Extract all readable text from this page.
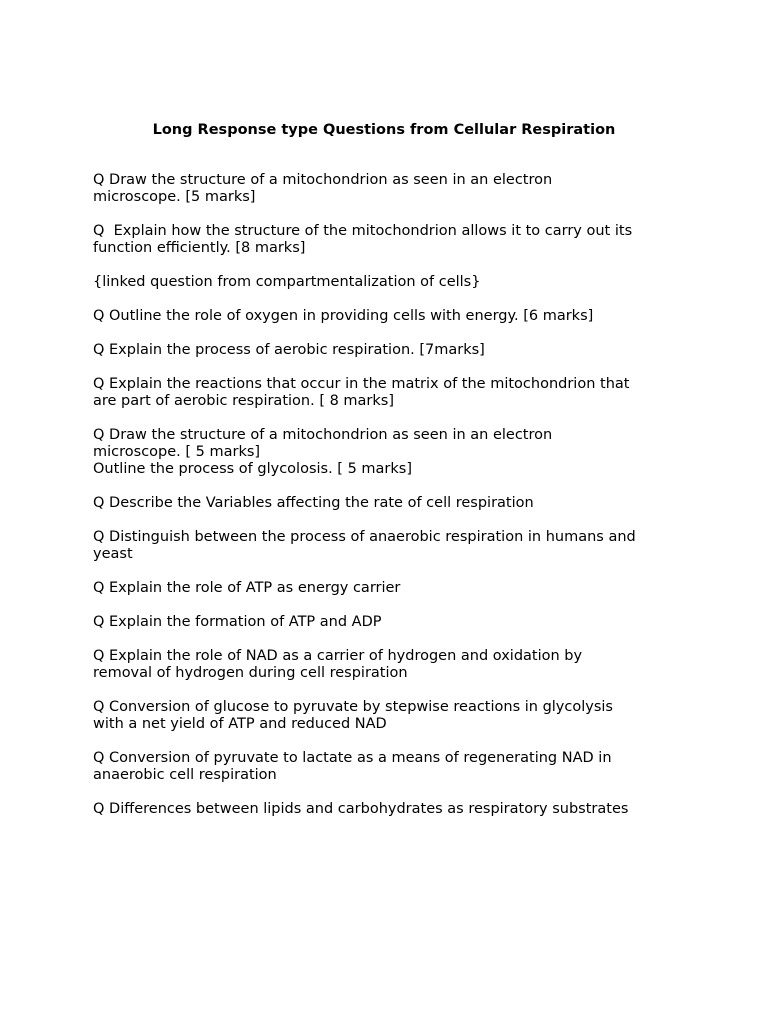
Long Response type Questions from Cellular Respiration

Q Draw the structure of a mitochondrion as seen in an electron
microscope. [5 marks]

Q  Explain how the structure of the mitochondrion allows it to carry out its
function efficiently. [8 marks]

{linked question from compartmentalization of cells}

Q Outline the role of oxygen in providing cells with energy. [6 marks]

Q Explain the process of aerobic respiration. [7marks]

Q Explain the reactions that occur in the matrix of the mitochondrion that
are part of aerobic respiration. [ 8 marks]

Q Draw the structure of a mitochondrion as seen in an electron
microscope. [ 5 marks]
Outline the process of glycolosis. [ 5 marks]

Q Describe the Variables affecting the rate of cell respiration

Q Distinguish between the process of anaerobic respiration in humans and
yeast

Q Explain the role of ATP as energy carrier

Q Explain the formation of ATP and ADP

Q Explain the role of NAD as a carrier of hydrogen and oxidation by
removal of hydrogen during cell respiration

Q Conversion of glucose to pyruvate by stepwise reactions in glycolysis
with a net yield of ATP and reduced NAD

Q Conversion of pyruvate to lactate as a means of regenerating NAD in
anaerobic cell respiration

Q Differences between lipids and carbohydrates as respiratory substrates
